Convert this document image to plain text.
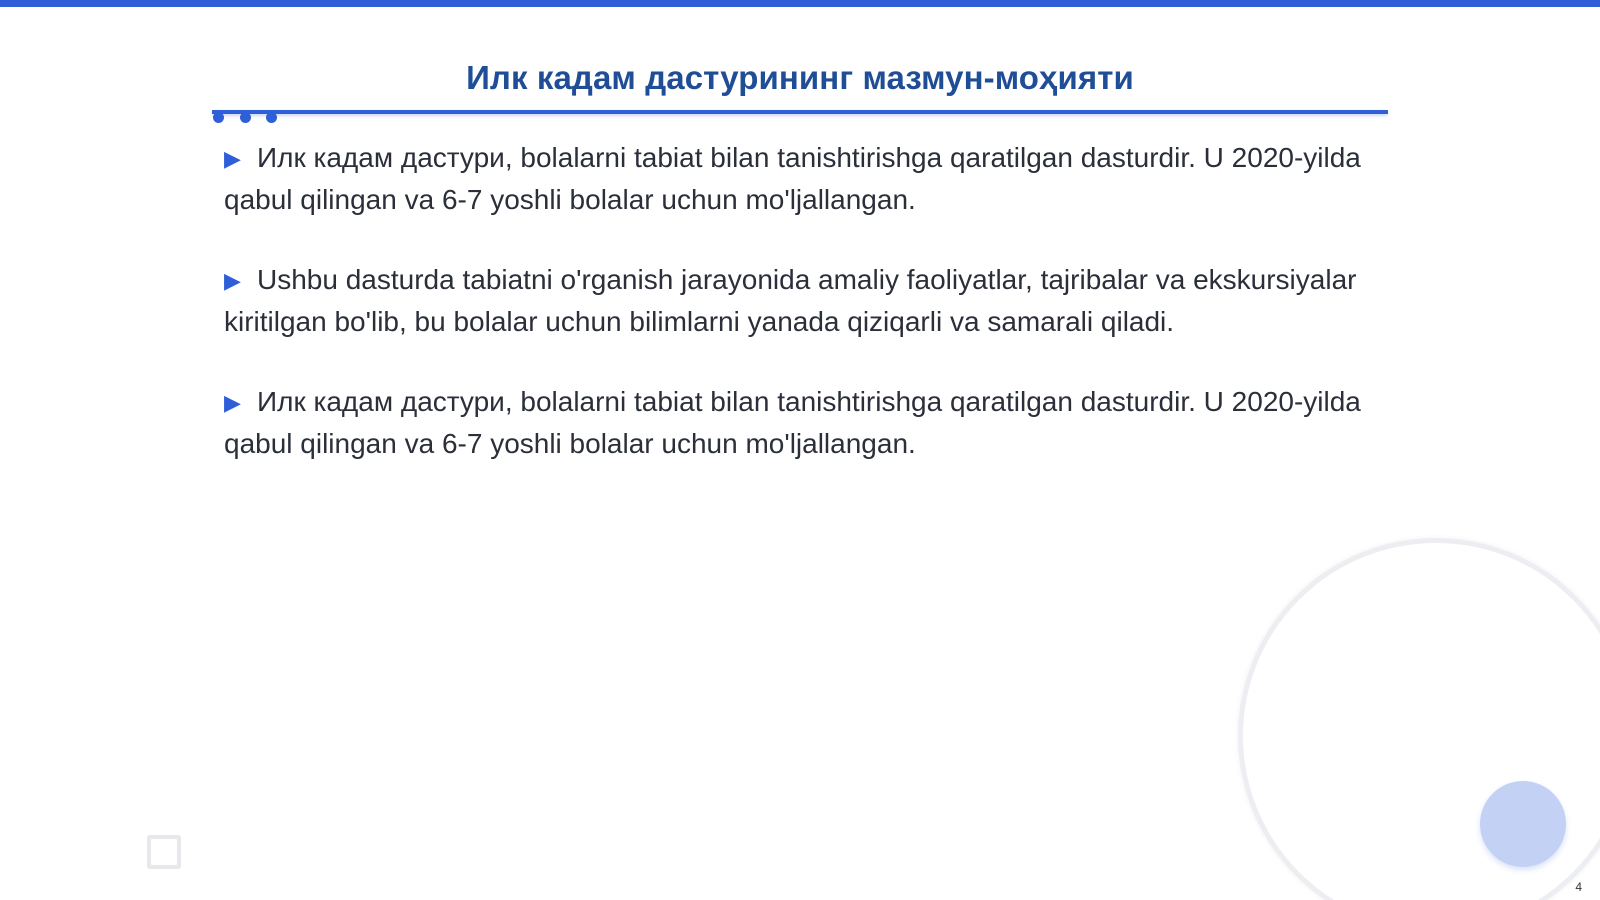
Илк кадам дастурининг мазмун-моҳияти

▶ Илк кадам дастури, bolalarni tabiat bilan tanishtirishga qaratilgan dasturdir. U 2020-yilda qabul qilingan va 6-7 yoshli bolalar uchun mo'ljallangan.

▶ Ushbu dasturda tabiatni o'rganish jarayonida amaliy faoliyatlar, tajribalar va ekskursiyalar kiritilgan bo'lib, bu bolalar uchun bilimlarni yanada qiziqarli va samarali qiladi.

▶ Илк кадам дастури, bolalarni tabiat bilan tanishtirishga qaratilgan dasturdir. U 2020-yilda qabul qilingan va 6-7 yoshli bolalar uchun mo'ljallangan.

4
